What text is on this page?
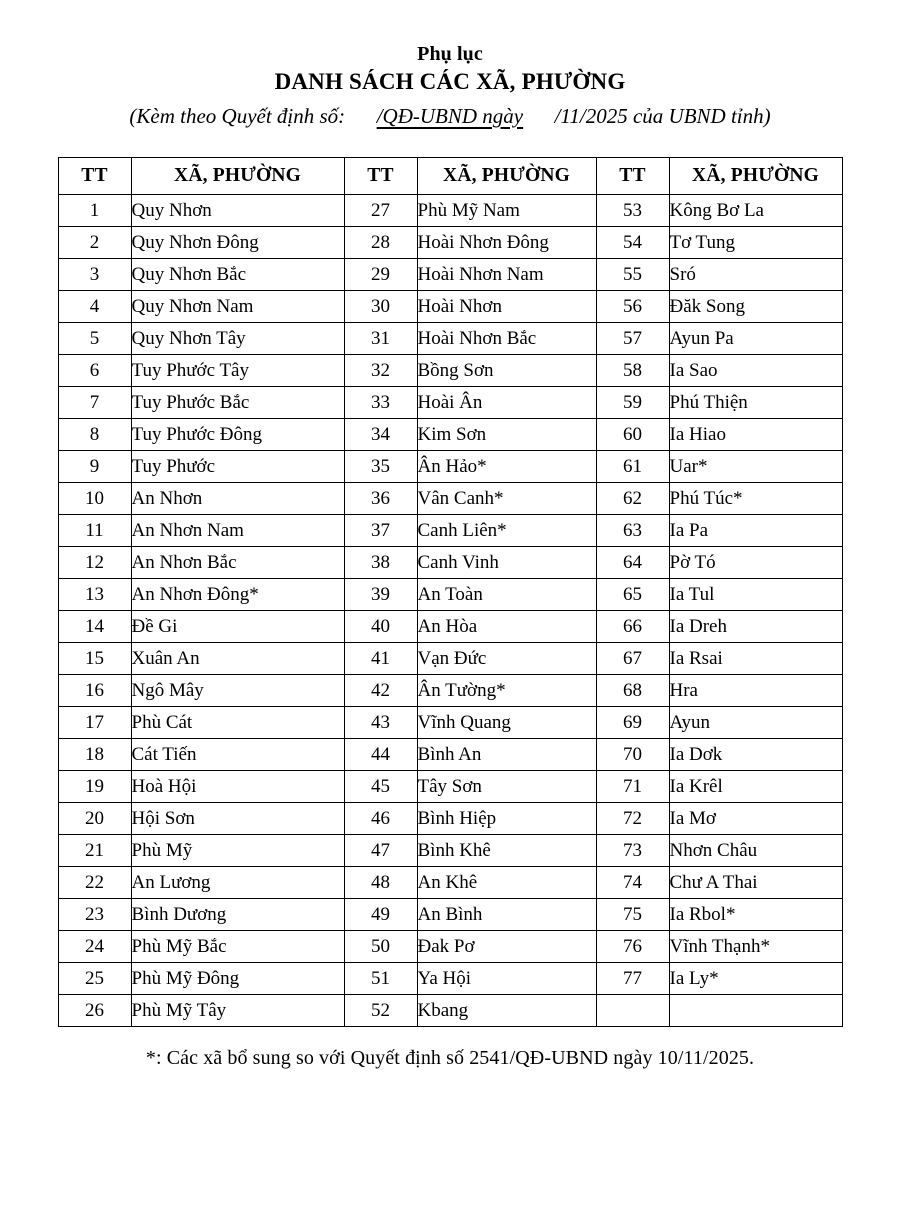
Phụ lục
DANH SÁCH CÁC XÃ, PHƯỜNG
(Kèm theo Quyết định số:      /QĐ-UBND ngày      /11/2025 của UBND tỉnh)
TT	XÃ, PHƯỜNG	TT	XÃ, PHƯỜNG	TT	XÃ, PHƯỜNG
1	Quy Nhơn	27	Phù Mỹ Nam	53	Kông Bơ La
2	Quy Nhơn Đông	28	Hoài Nhơn Đông	54	Tơ Tung
3	Quy Nhơn Bắc	29	Hoài Nhơn Nam	55	Sró
4	Quy Nhơn Nam	30	Hoài Nhơn	56	Đăk Song
5	Quy Nhơn Tây	31	Hoài Nhơn Bắc	57	Ayun Pa
6	Tuy Phước Tây	32	Bồng Sơn	58	Ia Sao
7	Tuy Phước Bắc	33	Hoài Ân	59	Phú Thiện
8	Tuy Phước Đông	34	Kim Sơn	60	Ia Hiao
9	Tuy Phước	35	Ân Hảo*	61	Uar*
10	An Nhơn	36	Vân Canh*	62	Phú Túc*
11	An Nhơn Nam	37	Canh Liên*	63	Ia Pa
12	An Nhơn Bắc	38	Canh Vinh	64	Pờ Tó
13	An Nhơn Đông*	39	An Toàn	65	Ia Tul
14	Đề Gi	40	An Hòa	66	Ia Dreh
15	Xuân An	41	Vạn Đức	67	Ia Rsai
16	Ngô Mây	42	Ân Tường*	68	Hra
17	Phù Cát	43	Vĩnh Quang	69	Ayun
18	Cát Tiến	44	Bình An	70	Ia Dơk
19	Hoà Hội	45	Tây Sơn	71	Ia Krêl
20	Hội Sơn	46	Bình Hiệp	72	Ia Mơ
21	Phù Mỹ	47	Bình Khê	73	Nhơn Châu
22	An Lương	48	An Khê	74	Chư A Thai
23	Bình Dương	49	An Bình	75	Ia Rbol*
24	Phù Mỹ Bắc	50	Đak Pơ	76	Vĩnh Thạnh*
25	Phù Mỹ Đông	51	Ya Hội	77	Ia Ly*
26	Phù Mỹ Tây	52	Kbang		
*: Các xã bổ sung so với Quyết định số 2541/QĐ-UBND ngày 10/11/2025.
